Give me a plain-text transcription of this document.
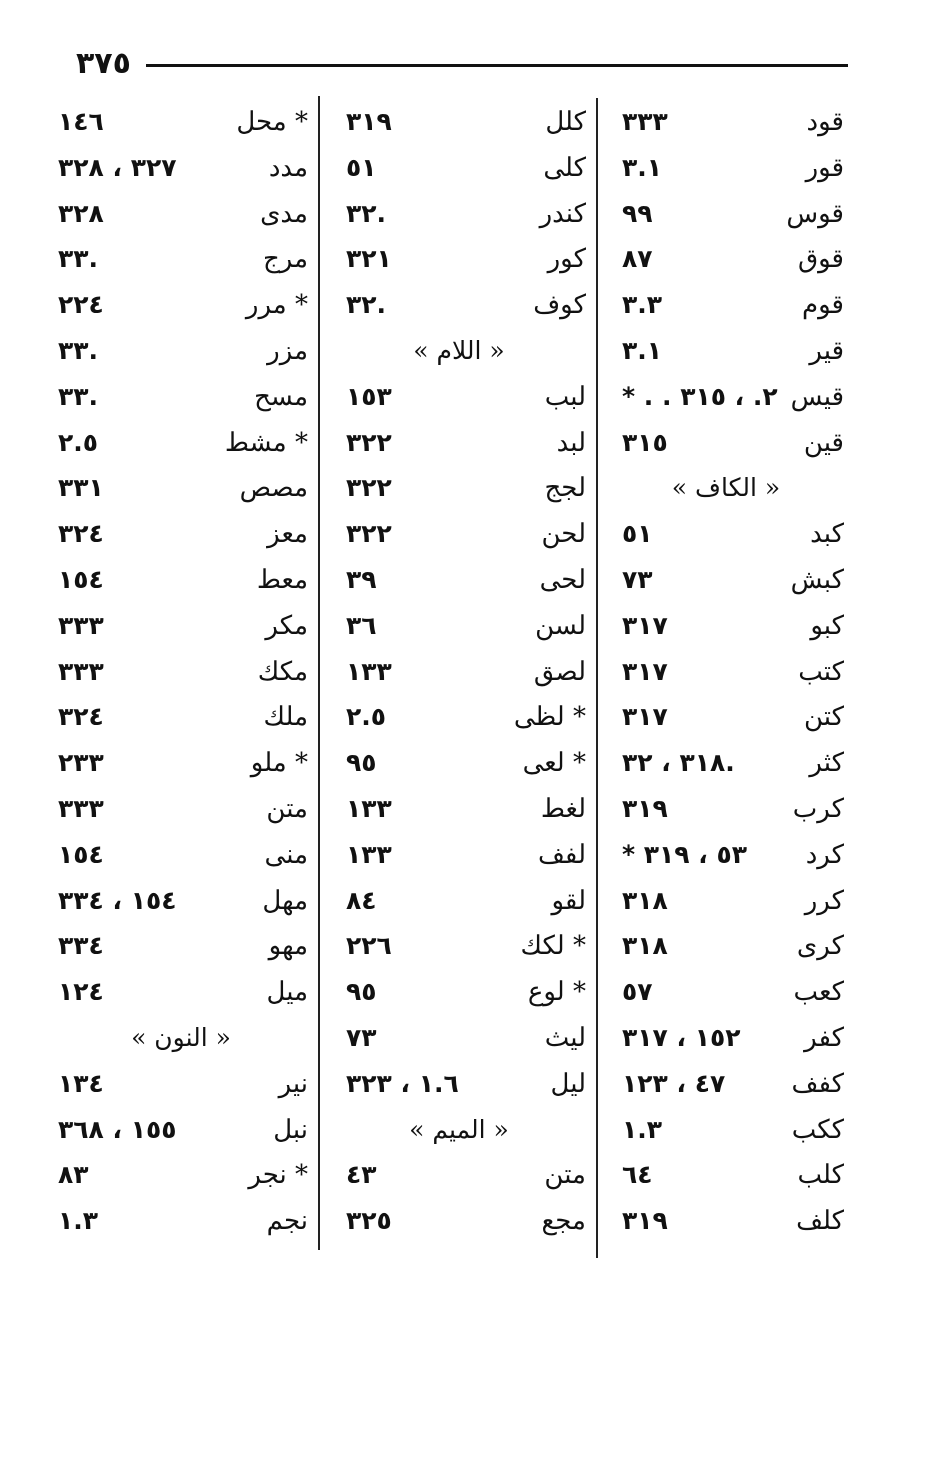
٣٧٥
قود
٣٣٣
قور
٣.١
قوس
٩٩
قوق
٨٧
قوم
٣.٣
قير
٣.١
قيس
* . . ٢. ، ٣١٥
قين
٣١٥
« الكاف »
كبد
٥١
كبش
٧٣
كبو
٣١٧
كتب
٣١٧
كتن
٣١٧
كثر
٣١٨ ، ٣٢.
كرب
٣١٩
كرد
* ٥٣ ، ٣١٩
كرر
٣١٨
كرى
٣١٨
كعب
٥٧
كفر
١٥٢ ، ٣١٧
كفف
٤٧ ، ١٢٣
ككب
١.٣
كلب
٦٤
كلف
٣١٩
كلل
٣١٩
كلى
٥١
كندر
٣٢.
كور
٣٢١
كوف
٣٢.
« اللام »
لبب
١٥٣
لبد
٣٢٢
لجج
٣٢٢
لحن
٣٢٢
لحى
٣٩
لسن
٣٦
لصق
١٣٣
* لظى
٢.٥
* لعى
٩٥
لغط
١٣٣
لفف
١٣٣
لقو
٨٤
* لكك
٢٢٦
* لوع
٩٥
ليث
٧٣
ليل
١.٦ ، ٣٢٣
« الميم »
متن
٤٣
مجع
٣٢٥
* محل
١٤٦
مدد
٣٢٧ ، ٣٢٨
مدى
٣٢٨
مرج
٣٣.
* مرر
٢٢٤
مزر
٣٣.
مسح
٣٣.
* مشط
٢.٥
مصص
٣٣١
معز
٣٢٤
معط
١٥٤
مكر
٣٣٣
مكك
٣٣٣
ملك
٣٢٤
* ملو
٢٣٣
متن
٣٣٣
منى
١٥٤
مهل
١٥٤ ، ٣٣٤
مهو
٣٣٤
ميل
١٢٤
« النون »
نير
١٣٤
نبل
١٥٥ ، ٣٦٨
* نجر
٨٣
نجم
١.٣
